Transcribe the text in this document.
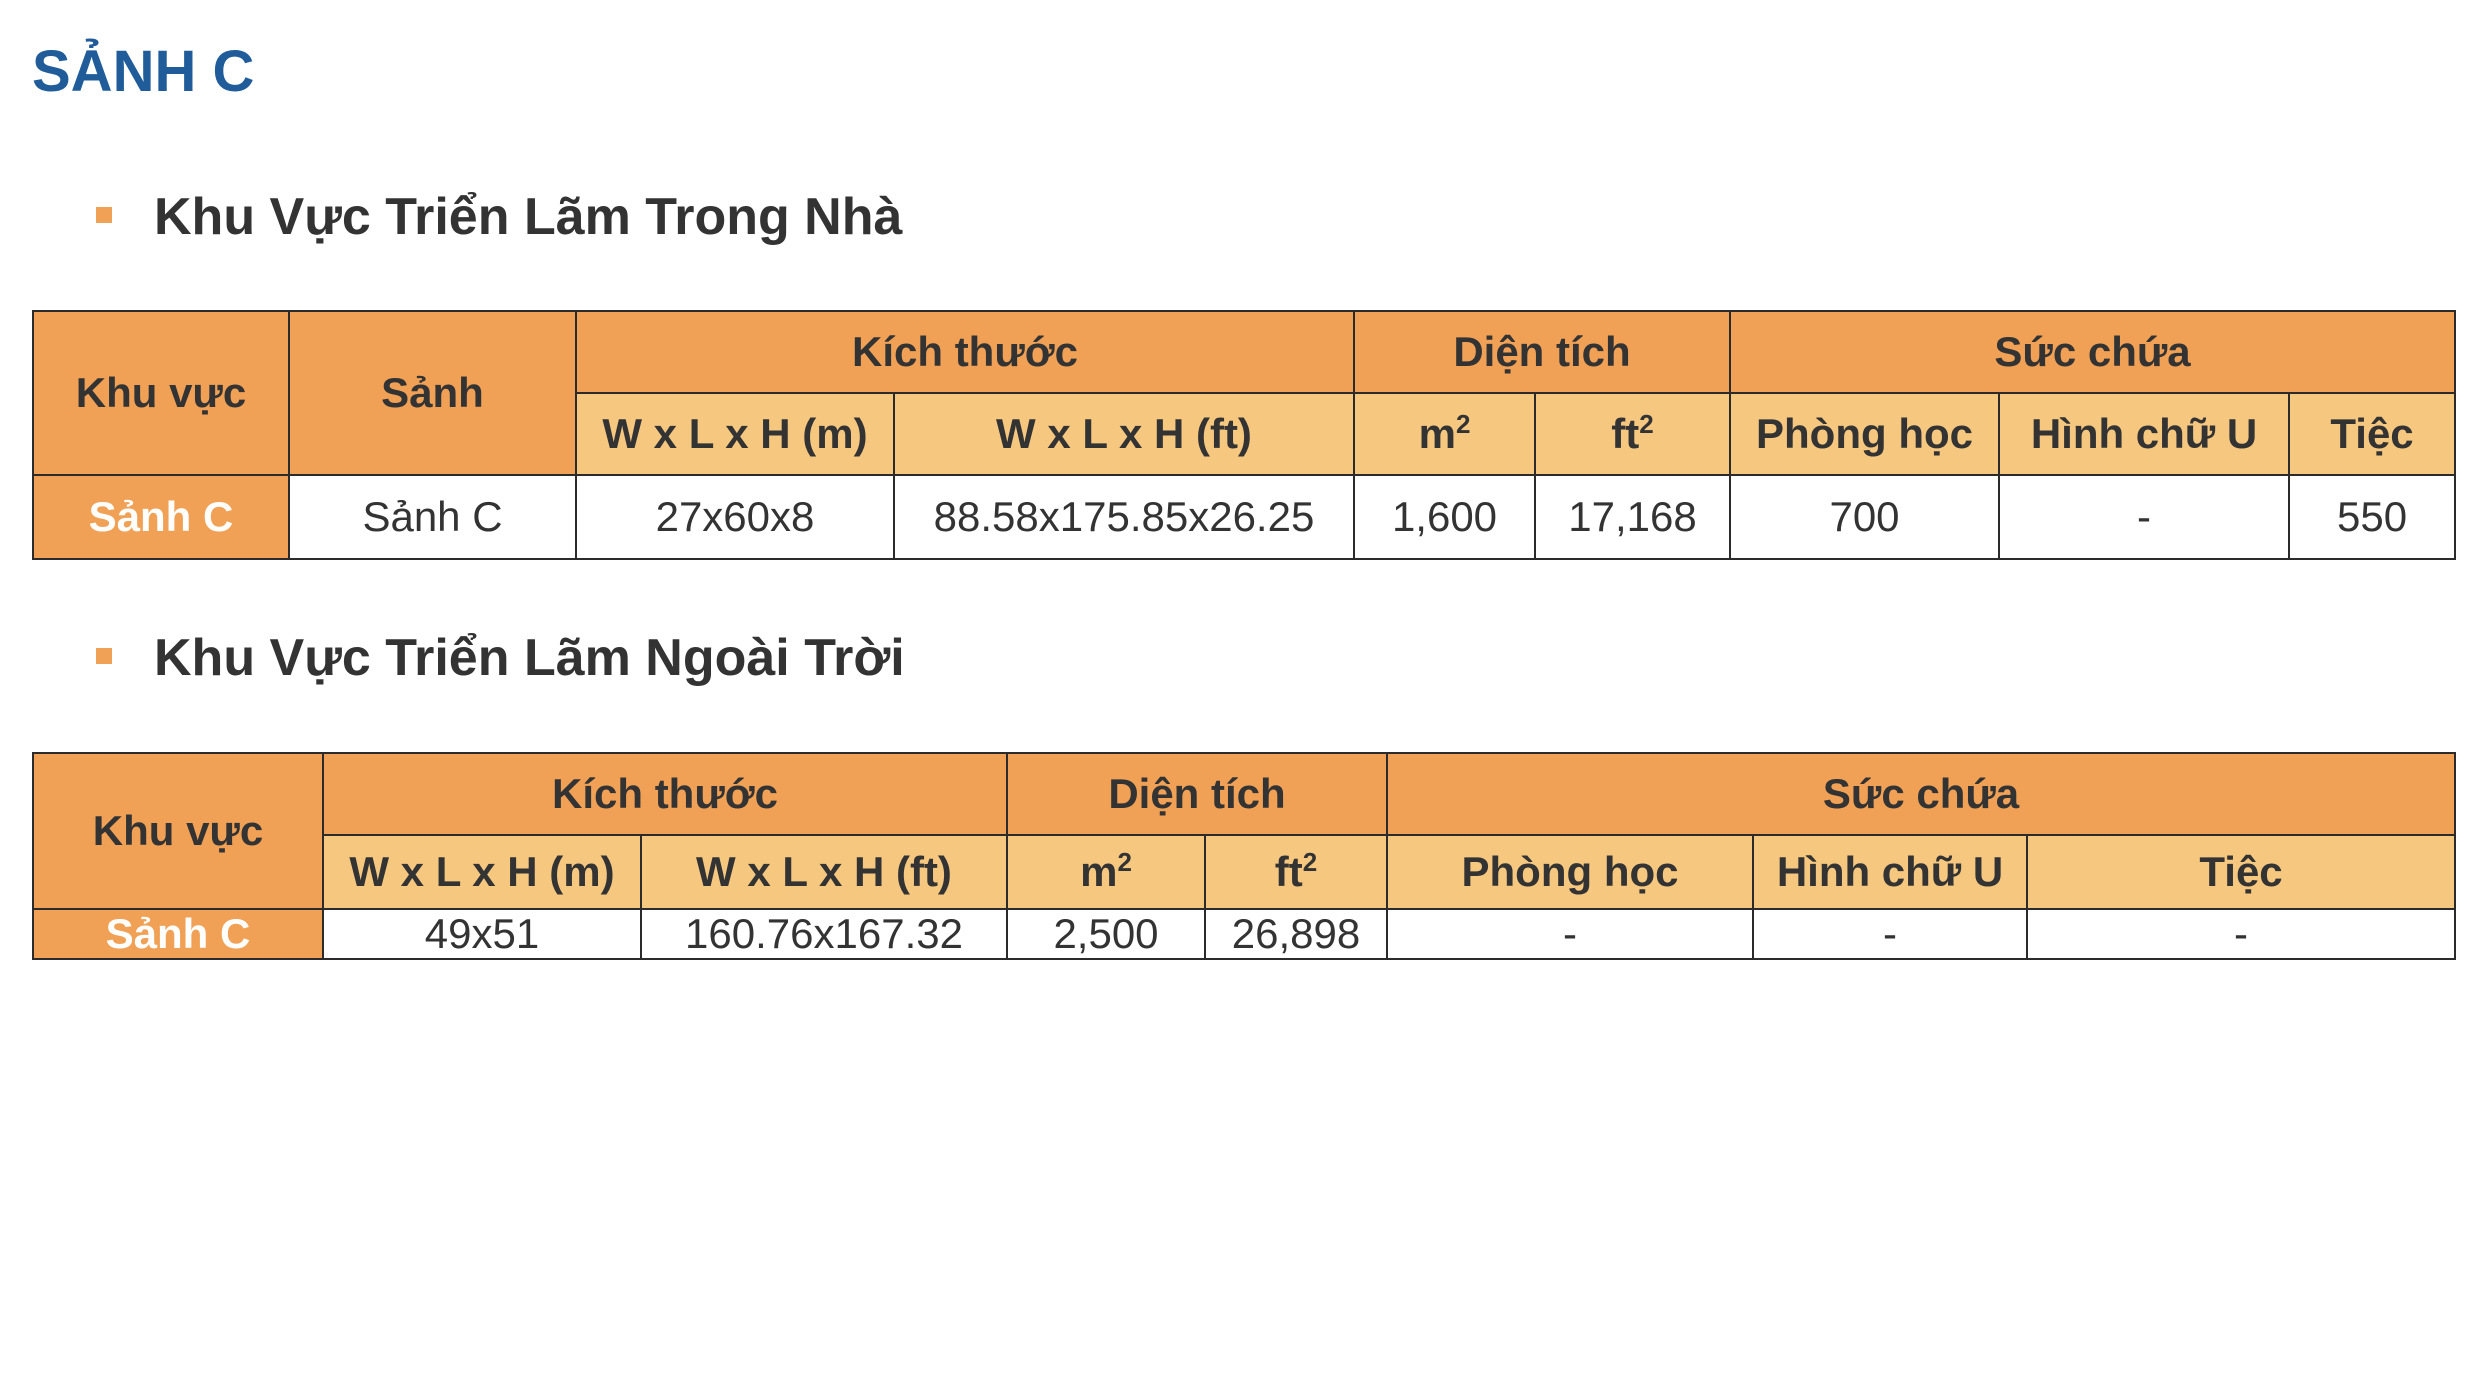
SẢNH C
Khu Vực Triển Lãm Trong Nhà
Khu vực	Sảnh	Kích thước		Diện tích		Sức chứa		
		W x L x H (m)	W x L x H (ft)	$m^2$	$ft^2$	Phòng học	Hình chữ U	Tiệc
Sảnh C	Sảnh C	27x60x8	88.58x175.85x26.25	1,600	17,168	700	-	550
Khu Vực Triển Lãm Ngoài Trời
Khu vực	Kích thước		Diện tích		Sức chứa		
	W x L x H (m)	W x L x H (ft)	$m^2$	$ft^2$	Phòng học	Hình chữ U	Tiệc
Sảnh C	49x51	160.76x167.32	2,500	26,898	-	-	-
